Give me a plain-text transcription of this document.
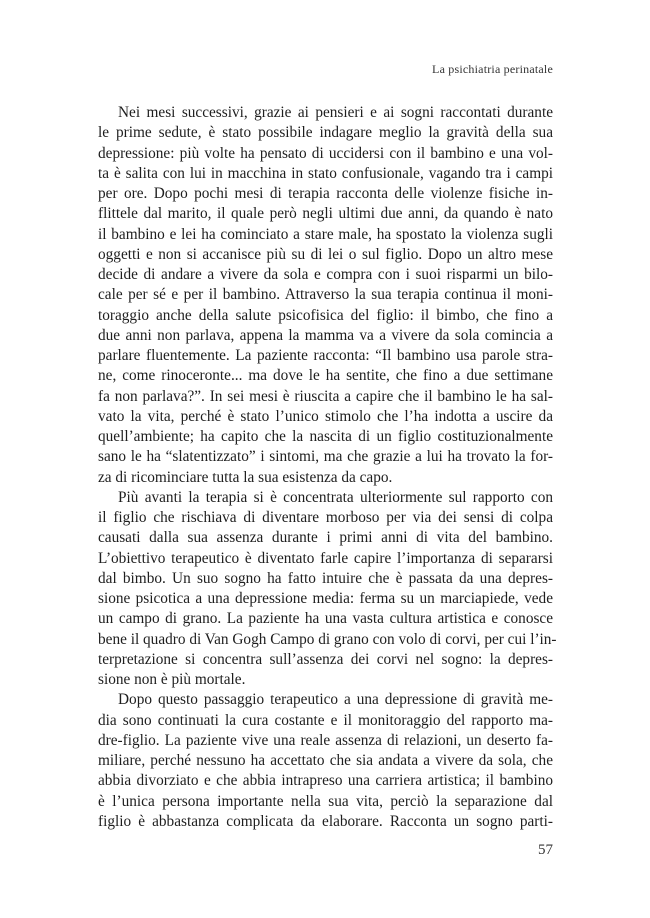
La psichiatria perinatale

Nei mesi successivi, grazie ai pensieri e ai sogni raccontati durante
le prime sedute, è stato possibile indagare meglio la gravità della sua
depressione: più volte ha pensato di uccidersi con il bambino e una vol-
ta è salita con lui in macchina in stato confusionale, vagando tra i campi
per ore. Dopo pochi mesi di terapia racconta delle violenze fisiche in-
flittele dal marito, il quale però negli ultimi due anni, da quando è nato
il bambino e lei ha cominciato a stare male, ha spostato la violenza sugli
oggetti e non si accanisce più su di lei o sul figlio. Dopo un altro mese
decide di andare a vivere da sola e compra con i suoi risparmi un bilo-
cale per sé e per il bambino. Attraverso la sua terapia continua il moni-
toraggio anche della salute psicofisica del figlio: il bimbo, che fino a
due anni non parlava, appena la mamma va a vivere da sola comincia a
parlare fluentemente. La paziente racconta: “Il bambino usa parole stra-
ne, come rinoceronte... ma dove le ha sentite, che fino a due settimane
fa non parlava?”. In sei mesi è riuscita a capire che il bambino le ha sal-
vato la vita, perché è stato l’unico stimolo che l’ha indotta a uscire da
quell’ambiente; ha capito che la nascita di un figlio costituzionalmente
sano le ha “slatentizzato” i sintomi, ma che grazie a lui ha trovato la for-
za di ricominciare tutta la sua esistenza da capo.

Più avanti la terapia si è concentrata ulteriormente sul rapporto con
il figlio che rischiava di diventare morboso per via dei sensi di colpa
causati dalla sua assenza durante i primi anni di vita del bambino.
L’obiettivo terapeutico è diventato farle capire l’importanza di separarsi
dal bimbo. Un suo sogno ha fatto intuire che è passata da una depres-
sione psicotica a una depressione media: ferma su un marciapiede, vede
un campo di grano. La paziente ha una vasta cultura artistica e conosce
bene il quadro di Van Gogh Campo di grano con volo di corvi, per cui l’in-
terpretazione si concentra sull’assenza dei corvi nel sogno: la depres-
sione non è più mortale.

Dopo questo passaggio terapeutico a una depressione di gravità me-
dia sono continuati la cura costante e il monitoraggio del rapporto ma-
dre-figlio. La paziente vive una reale assenza di relazioni, un deserto fa-
miliare, perché nessuno ha accettato che sia andata a vivere da sola, che
abbia divorziato e che abbia intrapreso una carriera artistica; il bambino
è l’unica persona importante nella sua vita, perciò la separazione dal
figlio è abbastanza complicata da elaborare. Racconta un sogno parti-

57
